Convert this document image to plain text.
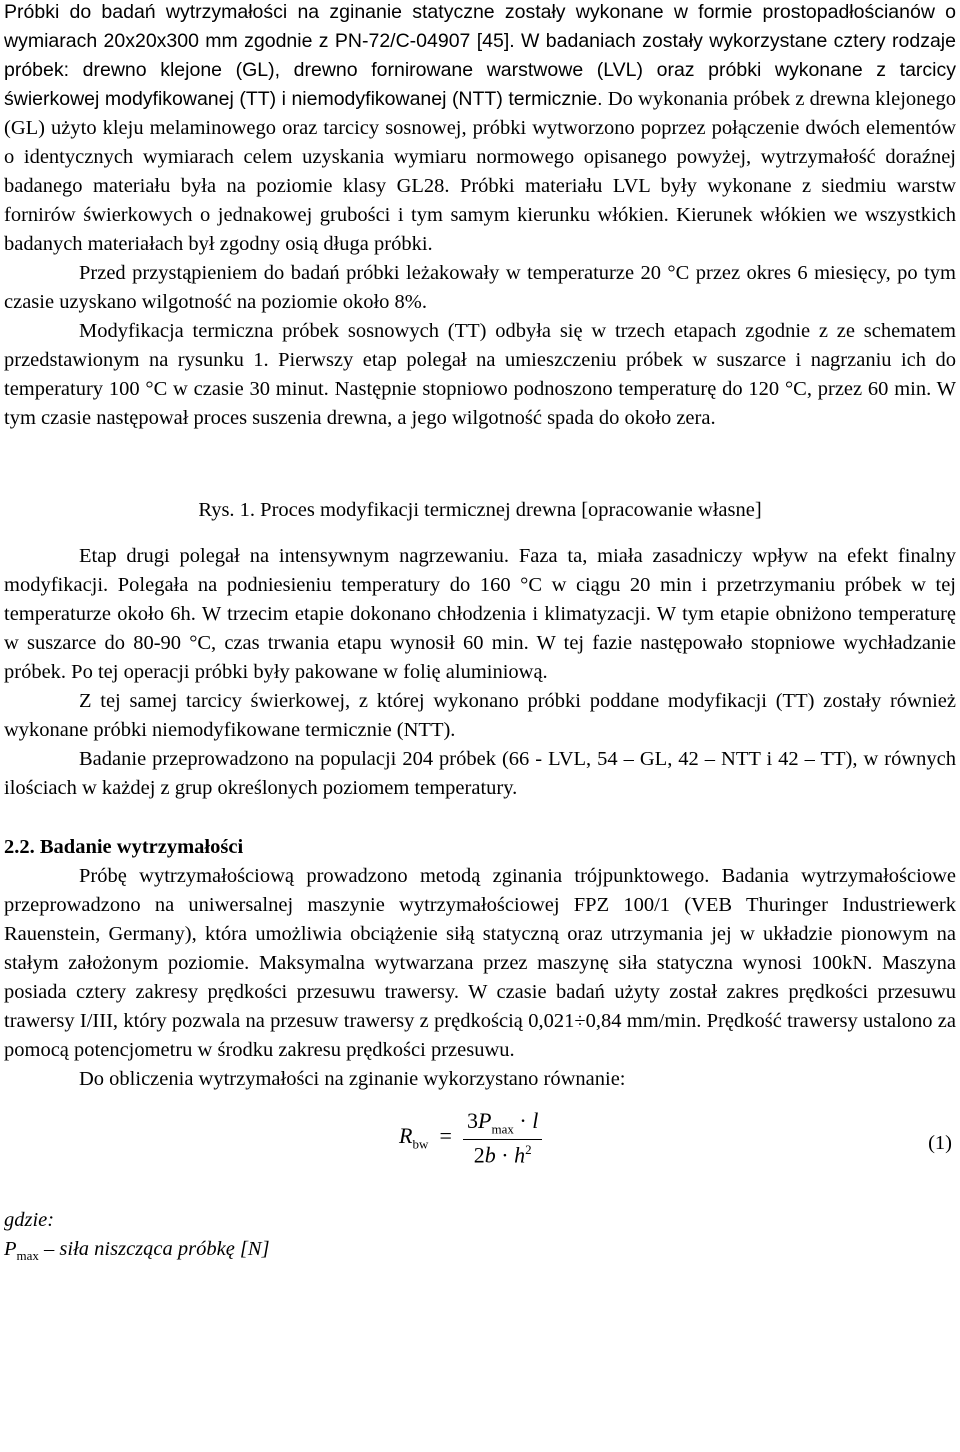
Próbki do badań wytrzymałości na zginanie statyczne zostały wykonane w formie prostopadłościanów o wymiarach 20x20x300 mm zgodnie z PN-72/C-04907 [45]. W badaniach zostały wykorzystane cztery rodzaje próbek: drewno klejone (GL), drewno fornirowane warstwowe (LVL) oraz próbki wykonane z tarcicy świerkowej modyfikowanej (TT) i niemodyfikowanej (NTT) termicznie. Do wykonania próbek z drewna klejonego (GL) użyto kleju melaminowego oraz tarcicy sosnowej, próbki wytworzono poprzez połączenie dwóch elementów o identycznych wymiarach celem uzyskania wymiaru normowego opisanego powyżej, wytrzymałość doraźnej badanego materiału była na poziomie klasy GL28. Próbki materiału LVL były wykonane z siedmiu warstw fornirów świerkowych o jednakowej grubości i tym samym kierunku włókien. Kierunek włókien we wszystkich badanych materiałach był zgodny osią długa próbki.

Przed przystąpieniem do badań próbki leżakowały w temperaturze 20 °C przez okres 6 miesięcy, po tym czasie uzyskano wilgotność na poziomie około 8%.

Modyfikacja termiczna próbek sosnowych (TT) odbyła się w trzech etapach zgodnie z ze schematem przedstawionym na rysunku 1. Pierwszy etap polegał na umieszczeniu próbek w suszarce i nagrzaniu ich do temperatury 100 °C w czasie 30 minut. Następnie stopniowo podnoszono temperaturę do 120 °C, przez 60 min. W tym czasie następował proces suszenia drewna, a jego wilgotność spada do około zera.

Rys. 1. Proces modyfikacji termicznej drewna [opracowanie własne]

Etap drugi polegał na intensywnym nagrzewaniu. Faza ta, miała zasadniczy wpływ na efekt finalny modyfikacji. Polegała na podniesieniu temperatury do 160 °C w ciągu 20 min i przetrzymaniu próbek w tej temperaturze około 6h. W trzecim etapie dokonano chłodzenia i klimatyzacji. W tym etapie obniżono temperaturę w suszarce do 80-90 °C, czas trwania etapu wynosił 60 min. W tej fazie następowało stopniowe wychładzanie próbek. Po tej operacji próbki były pakowane w folię aluminiową.

Z tej samej tarcicy świerkowej, z której wykonano próbki poddane modyfikacji (TT) zostały również wykonane próbki niemodyfikowane termicznie (NTT).

Badanie przeprowadzono na populacji 204 próbek (66 - LVL, 54 – GL, 42 – NTT i 42 – TT), w równych ilościach w każdej z grup określonych poziomem temperatury.

2.2. Badanie wytrzymałości

Próbę wytrzymałościową prowadzono metodą zginania trójpunktowego. Badania wytrzymałościowe przeprowadzono na uniwersalnej maszynie wytrzymałościowej FPZ 100/1 (VEB Thuringer Industriewerk Rauenstein, Germany), która umożliwia obciążenie siłą statyczną oraz utrzymania jej w układzie pionowym na stałym założonym poziomie. Maksymalna wytwarzana przez maszynę siła statyczna wynosi 100kN. Maszyna posiada cztery zakresy prędkości przesuwu trawersy. W czasie badań użyty został zakres prędkości przesuwu trawersy I/III, który pozwala na przesuw trawersy z prędkością 0,021÷0,84 mm/min. Prędkość trawersy ustalono za pomocą potencjometru w środku zakresu prędkości przesuwu.

Do obliczenia wytrzymałości na zginanie wykorzystano równanie:

$R_{bw} = \frac{3P_{max} \cdot l}{2b \cdot h^2}$	(1)
gdzie:
$P_{max}$ – siła niszcząca próbkę [N]
